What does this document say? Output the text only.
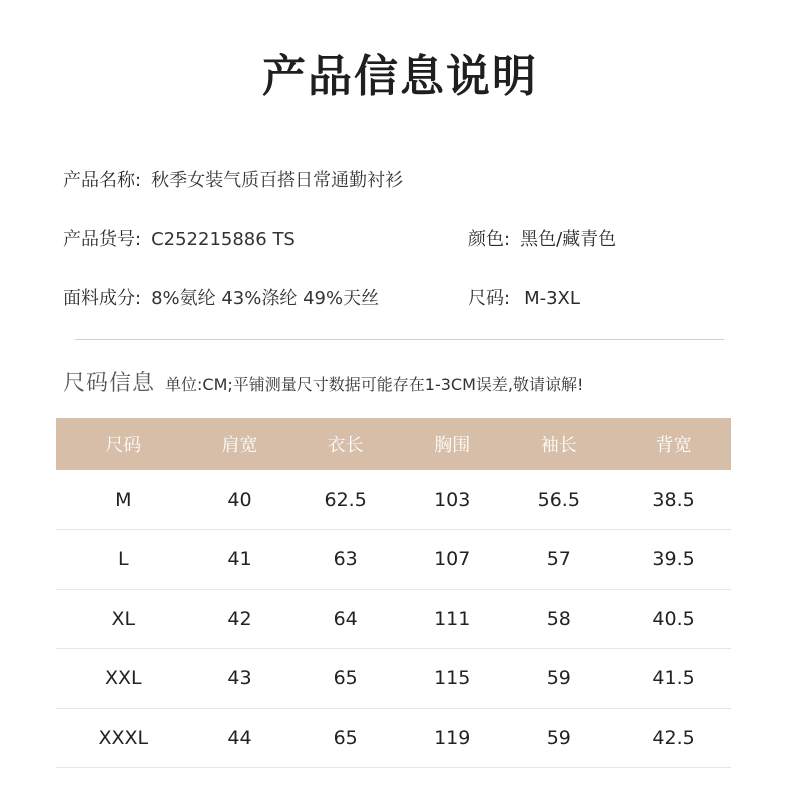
产品信息说明
产品名称: 秋季女装气质百搭日常通勤衬衫
产品货号: C252215886 TS	颜色: 黑色/藏青色
面料成分: 8%氨纶 43%涤纶 49%天丝	尺码: M-3XL
尺码信息 单位:CM;平铺测量尺寸数据可能存在1-3CM误差,敬请谅解!
尺码	肩宽	衣长	胸围	袖长	背宽
M	40	62.5	103	56.5	38.5
L	41	63	107	57	39.5
XL	42	64	111	58	40.5
XXL	43	65	115	59	41.5
XXXL	44	65	119	59	42.5
